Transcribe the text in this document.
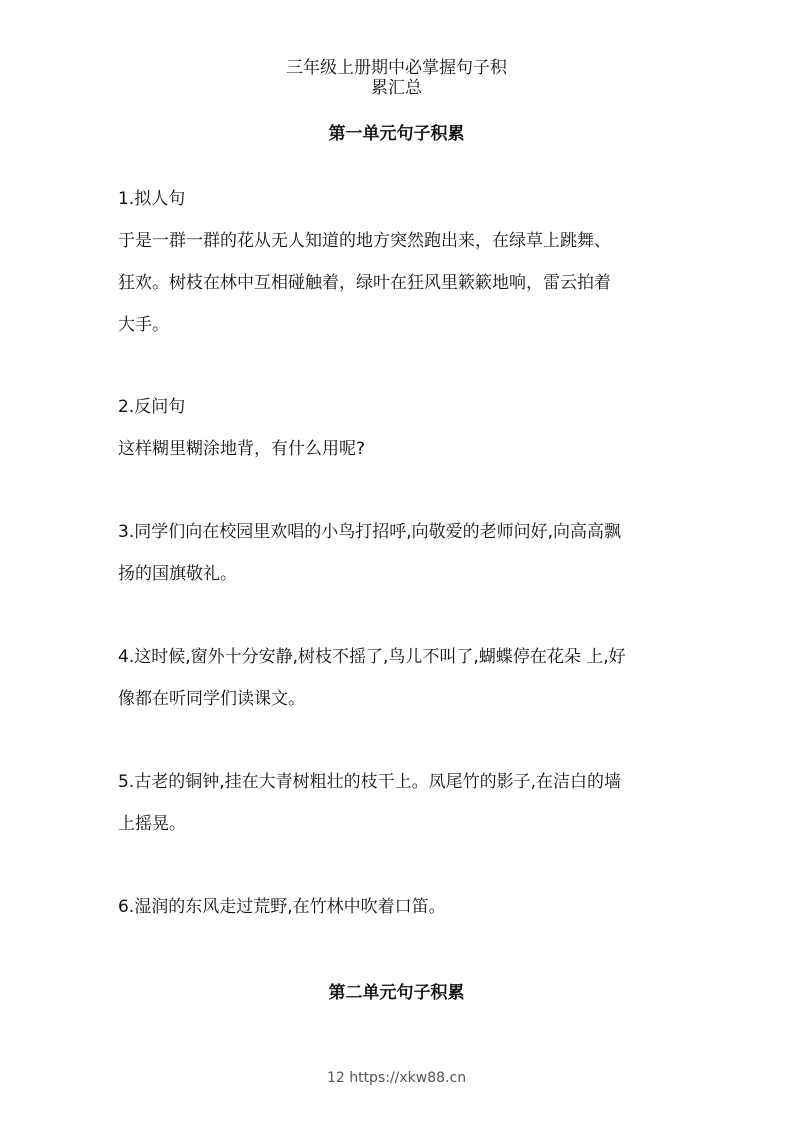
三年级上册期中必掌握句子积
累汇总
第一单元句子积累

1.拟人句

于是一群一群的花从无人知道的地方突然跑出来，在绿草上跳舞、

狂欢。树枝在林中互相碰触着，绿叶在狂风里簌簌地响，雷云拍着

大手。

2.反问句

这样糊里糊涂地背，有什么用呢?

3.同学们向在校园里欢唱的小鸟打招呼,向敬爱的老师问好,向高高飘

扬的国旗敬礼。

4.这时候,窗外十分安静,树枝不摇了,鸟儿不叫了,蝴蝶停在花朵 上,好

像都在听同学们读课文。

5.古老的铜钟,挂在大青树粗壮的枝干上。凤尾竹的影子,在洁白的墙

上摇晃。

6.湿润的东风走过荒野,在竹林中吹着口笛。

第二单元句子积累
12 https://xkw88.cn
